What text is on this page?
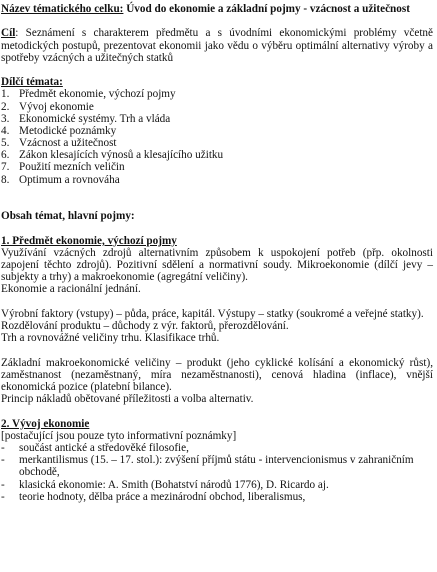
Název tématického celku: Úvod do ekonomie a základní pojmy - vzácnost a užitečnost
Cíl: Seznámení s charakterem předmětu a s úvodními ekonomickými problémy včetně metodických postupů, prezentovat ekonomii jako vědu o výběru optimální alternativy výroby a spotřeby vzácných a užitečných statků
Dílčí témata:
1. Předmět ekonomie, výchozí pojmy
2. Vývoj ekonomie
3. Ekonomické systémy. Trh a vláda
4. Metodické poznámky
5. Vzácnost a užitečnost
6. Zákon klesajících výnosů a klesajícího užitku
7. Použití mezních veličin
8. Optimum a rovnováha
Obsah témat, hlavní pojmy:
1. Předmět ekonomie, výchozí pojmy

Využívání vzácných zdrojů alternativním způsobem k uspokojení potřeb (přp. okolnosti zapojení těchto zdrojů). Pozitivní sdělení a normativní soudy. Mikroekonomie (dílčí jevy – subjekty a trhy) a makroekonomie (agregátní veličiny).

Ekonomie a racionální jednání.

Výrobní faktory (vstupy) – půda, práce, kapitál. Výstupy – statky (soukromé a veřejné statky).

Rozdělování produktu – důchody z výr. faktorů, přerozdělování.

Trh a rovnovážné veličiny trhu. Klasifikace trhů.

Základní makroekonomické veličiny – produkt (jeho cyklické kolísání a ekonomický růst), zaměstnanost (nezaměstnaný, míra nezaměstnanosti), cenová hladina (inflace), vnější ekonomická pozice (platební bilance).

Princip nákladů obětované příležitosti a volba alternativ.

2. Vývoj ekonomie
[postačující jsou pouze tyto informativní poznámky]
-	součást antické a středověké filosofie,
-	merkantilismus (15. – 17. stol.): zvýšení příjmů státu - intervencionismus v zahraničním obchodě,
-	klasická ekonomie: A. Smith (Bohatství národů 1776), D. Ricardo aj.
-	teorie hodnoty, dělba práce a mezinárodní obchod, liberalismus,
